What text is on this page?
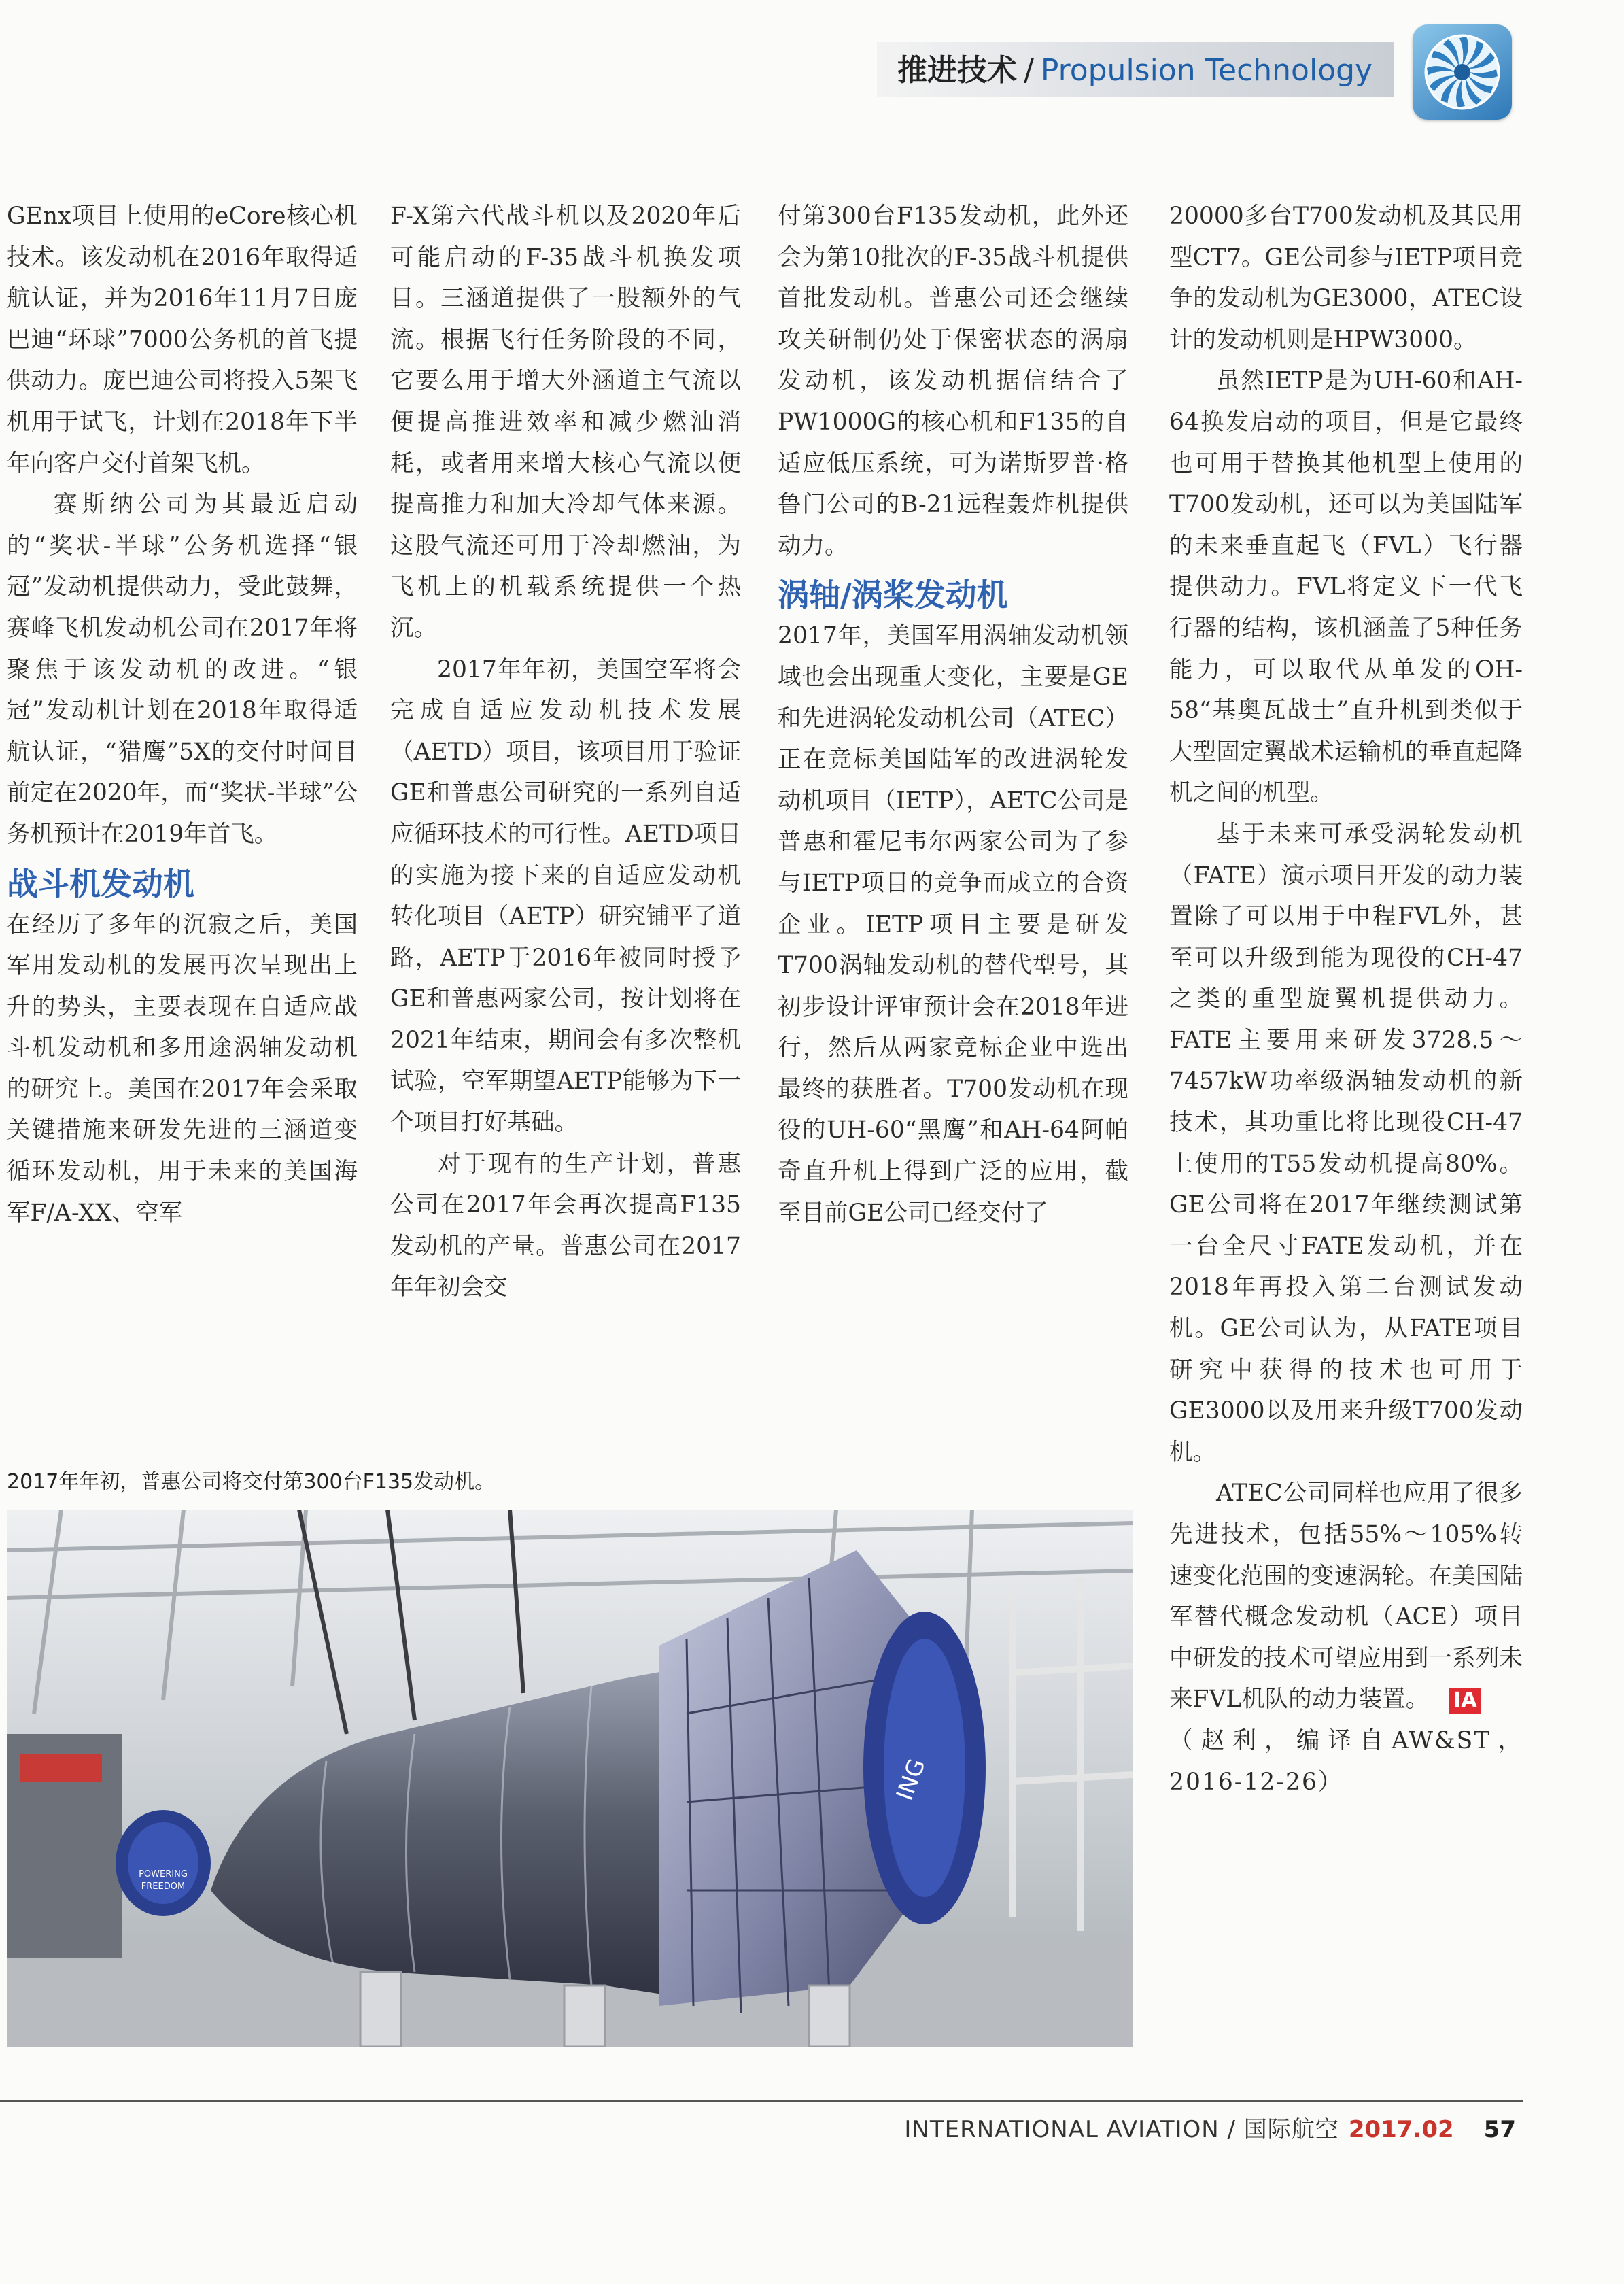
推进技术 / Propulsion Technology

GEnx项目上使用的eCore核心机技术。该发动机在2016年取得适航认证，并为2016年11月7日庞巴迪“环球”7000公务机的首飞提供动力。庞巴迪公司将投入5架飞机用于试飞，计划在2018年下半年向客户交付首架飞机。

赛斯纳公司为其最近启动的“奖状-半球”公务机选择“银冠”发动机提供动力，受此鼓舞，赛峰飞机发动机公司在2017年将聚焦于该发动机的改进。“银冠”发动机计划在2018年取得适航认证，“猎鹰”5X的交付时间目前定在2020年，而“奖状-半球”公务机预计在2019年首飞。

战斗机发动机

在经历了多年的沉寂之后，美国军用发动机的发展再次呈现出上升的势头，主要表现在自适应战斗机发动机和多用途涡轴发动机的研究上。美国在2017年会采取关键措施来研发先进的三涵道变循环发动机，用于未来的美国海军F/A-XX、空军

F-X第六代战斗机以及2020年后可能启动的F-35战斗机换发项目。三涵道提供了一股额外的气流。根据飞行任务阶段的不同，它要么用于增大外涵道主气流以便提高推进效率和减少燃油消耗，或者用来增大核心气流以便提高推力和加大冷却气体来源。这股气流还可用于冷却燃油，为飞机上的机载系统提供一个热沉。

2017年年初，美国空军将会完成自适应发动机技术发展（AETD）项目，该项目用于验证GE和普惠公司研究的一系列自适应循环技术的可行性。AETD项目的实施为接下来的自适应发动机转化项目（AETP）研究铺平了道路，AETP于2016年被同时授予GE和普惠两家公司，按计划将在2021年结束，期间会有多次整机试验，空军期望AETP能够为下一个项目打好基础。

对于现有的生产计划，普惠公司在2017年会再次提高F135发动机的产量。普惠公司在2017年年初会交

付第300台F135发动机，此外还会为第10批次的F-35战斗机提供首批发动机。普惠公司还会继续攻关研制仍处于保密状态的涡扇发动机，该发动机据信结合了PW1000G的核心机和F135的自适应低压系统，可为诺斯罗普·格鲁门公司的B-21远程轰炸机提供动力。

涡轴/涡桨发动机

2017年，美国军用涡轴发动机领域也会出现重大变化，主要是GE和先进涡轮发动机公司（ATEC）正在竞标美国陆军的改进涡轮发动机项目（IETP），AETC公司是普惠和霍尼韦尔两家公司为了参与IETP项目的竞争而成立的合资企业。IETP项目主要是研发T700涡轴发动机的替代型号，其初步设计评审预计会在2018年进行，然后从两家竞标企业中选出最终的获胜者。T700发动机在现役的UH-60“黑鹰”和AH-64阿帕奇直升机上得到广泛的应用，截至目前GE公司已经交付了

20000多台T700发动机及其民用型CT7。GE公司参与IETP项目竞争的发动机为GE3000，ATEC设计的发动机则是HPW3000。

虽然IETP是为UH-60和AH-64换发启动的项目，但是它最终也可用于替换其他机型上使用的T700发动机，还可以为美国陆军的未来垂直起飞（FVL）飞行器提供动力。FVL将定义下一代飞行器的结构，该机涵盖了5种任务能力，可以取代从单发的OH-58“基奥瓦战士”直升机到类似于大型固定翼战术运输机的垂直起降机之间的机型。

基于未来可承受涡轮发动机（FATE）演示项目开发的动力装置除了可以用于中程FVL外，甚至可以升级到能为现役的CH-47之类的重型旋翼机提供动力。FATE主要用来研发3728.5～7457kW功率级涡轴发动机的新技术，其功重比将比现役CH-47上使用的T55发动机提高80%。GE公司将在2017年继续测试第一台全尺寸FATE发动机，并在2018年再投入第二台测试发动机。GE公司认为，从FATE项目研究中获得的技术也可用于GE3000以及用来升级T700发动机。

ATEC公司同样也应用了很多先进技术，包括55%～105%转速变化范围的变速涡轮。在美国陆军替代概念发动机（ACE）项目中研发的技术可望应用到一系列未来FVL机队的动力装置。 IA

（赵利，编译自AW&ST，2016-12-26）

2017年年初，普惠公司将交付第300台F135发动机。
POWERING
FREEDOM
ING
INTERNATIONAL AVIATION / 国际航空 2017.02 57
